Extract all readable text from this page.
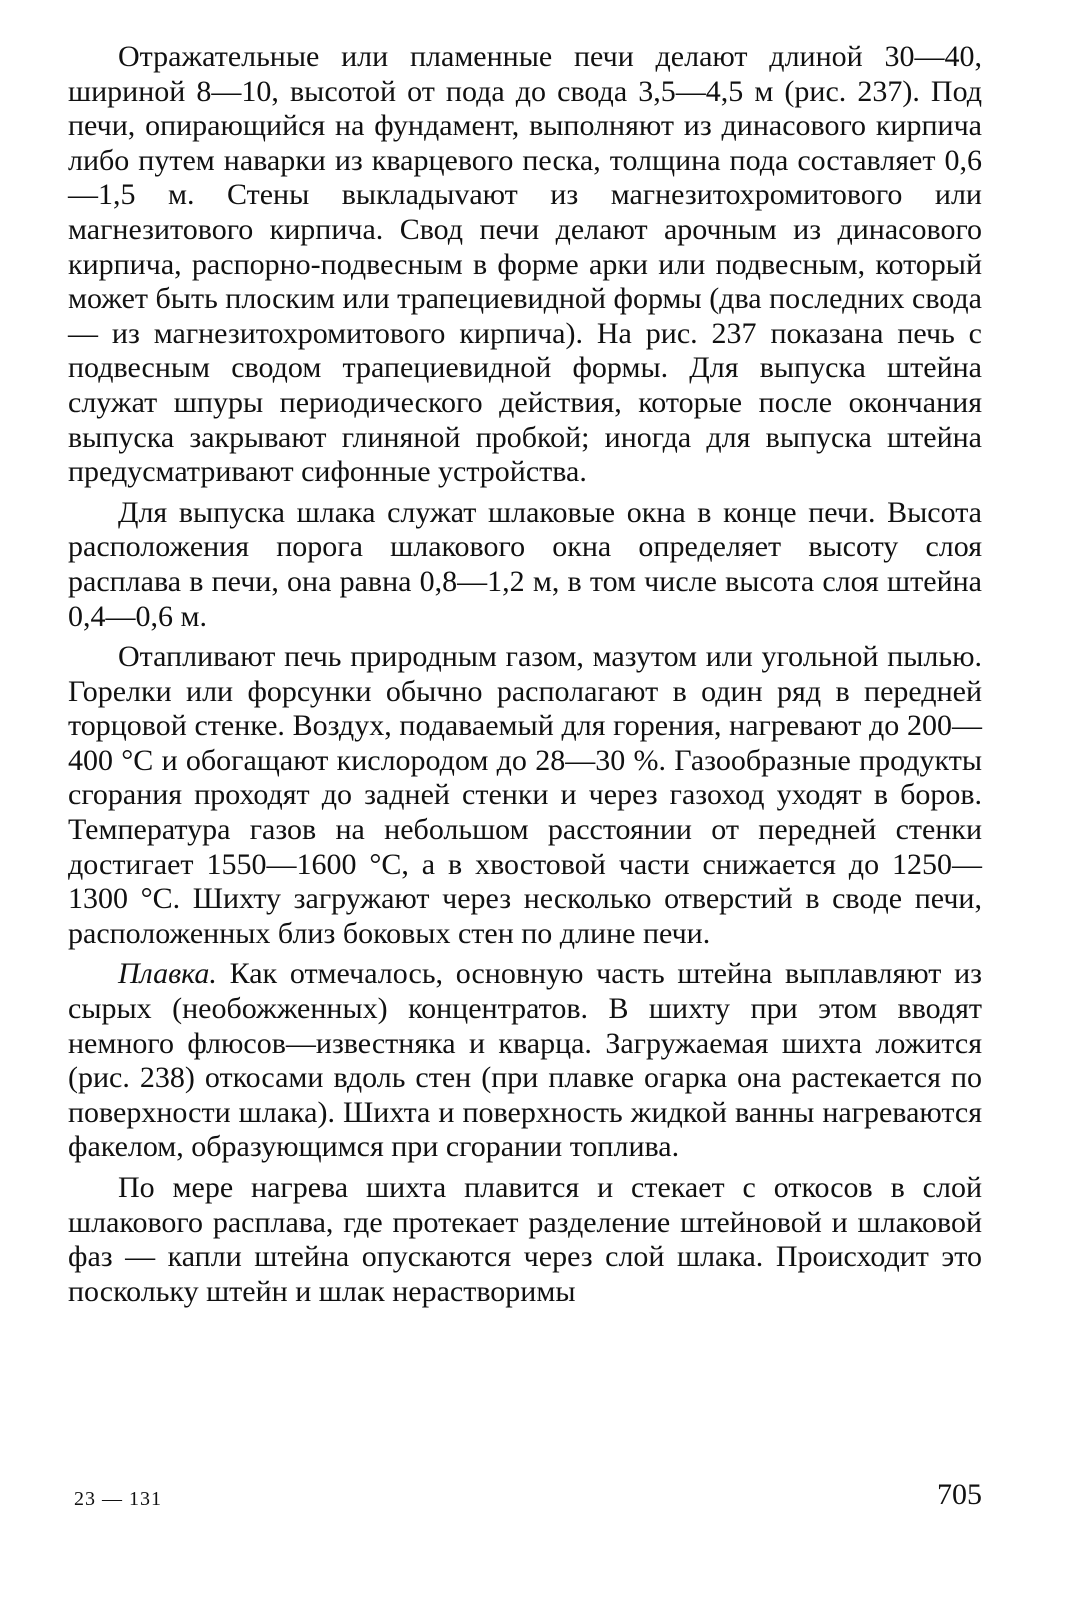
Отражательные или пламенные печи делают длиной 30—40, шириной 8—10, высотой от пода до свода 3,5—4,5 м (рис. 237). Под печи, опирающийся на фундамент, выполняют из динасового кирпича либо путем наварки из кварцевого песка, толщина пода составляет 0,6—1,5 м. Стены выкладыvают из магнезитохромитового или магнезитового кирпича. Свод печи делают арочным из динасового кирпича, распорно-подвесным в форме арки или подвесным, который может быть плоским или трапециевидной формы (два последних свода — из магнезитохромитового кирпича). На рис. 237 показана печь с подвесным сводом трапециевидной формы. Для выпуска штейна служат шпуры периодического действия, которые после окончания выпуска закрывают глиняной пробкой; иногда для выпуска штейна предусматривают сифонные устройства.

Для выпуска шлака служат шлаковые окна в конце печи. Высота расположения порога шлакового окна определяет высоту слоя расплава в печи, она равна 0,8—1,2 м, в том числе высота слоя штейна 0,4—0,6 м.

Отапливают печь природным газом, мазутом или угольной пылью. Горелки или форсунки обычно располагают в один ряд в передней торцовой стенке. Воздух, подаваемый для горения, нагревают до 200—400 °С и обогащают кислородом до 28—30 %. Газообразные продукты сгорания проходят до задней стенки и через газоход уходят в боров. Температура газов на небольшом расстоянии от передней стенки достигает 1550—1600 °С, а в хвостовой части снижается до 1250—1300 °С. Шихту загружают через несколько отверстий в своде печи, расположенных близ боковых стен по длине печи.

Плавка. Как отмечалось, основную часть штейна выплавляют из сырых (необожженных) концентратов. В шихту при этом вводят немного флюсов—известняка и кварца. Загружаемая шихта ложится (рис. 238) откосами вдоль стен (при плавке огарка она растекается по поверхности шлака). Шихта и поверхность жидкой ванны нагреваются факелом, образующимся при сгорании топлива.

По мере нагрева шихта плавится и стекает с откосов в слой шлакового расплава, где протекает разделение штейновой и шлаковой фаз — капли штейна опускаются через слой шлака. Происходит это поскольку штейн и шлак нерастворимы

23 — 131	705
